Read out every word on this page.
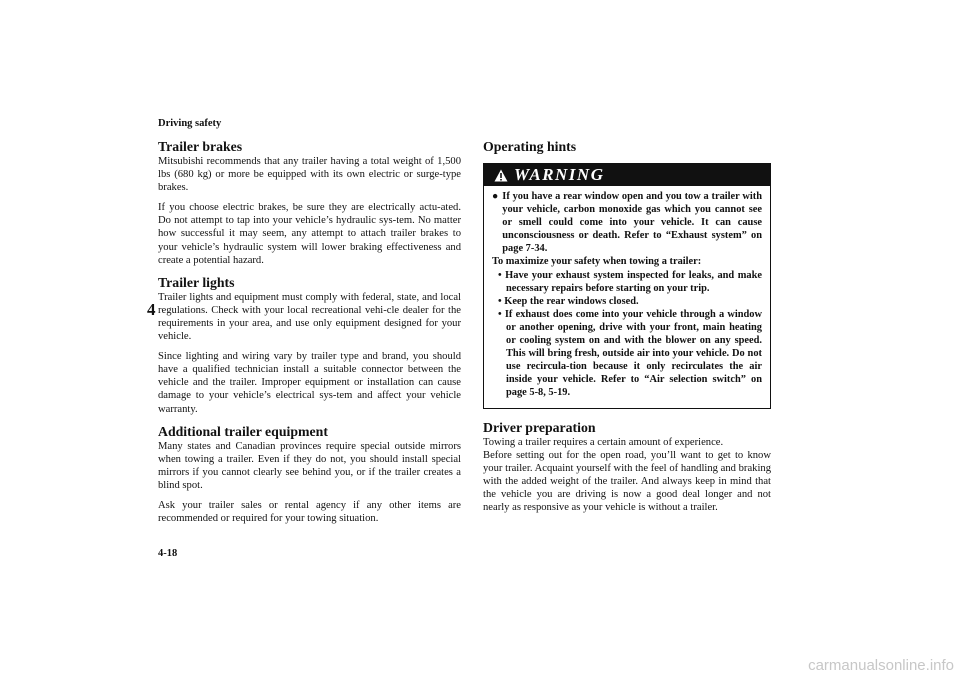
Driving safety
4
Trailer brakes

Mitsubishi recommends that any trailer having a total weight of 1,500 lbs (680 kg) or more be equipped with its own electric or surge-type brakes.

If you choose electric brakes, be sure they are electrically actu-ated. Do not attempt to tap into your vehicle’s hydraulic sys-tem. No matter how successful it may seem, any attempt to attach trailer brakes to your vehicle’s hydraulic system will lower braking effectiveness and create a potential hazard.

Trailer lights

Trailer lights and equipment must comply with federal, state, and local regulations. Check with your local recreational vehi-cle dealer for the requirements in your area, and use only equipment designed for your vehicle.

Since lighting and wiring vary by trailer type and brand, you should have a qualified technician install a suitable connector between the vehicle and the trailer. Improper equipment or installation can cause damage to your vehicle’s electrical sys-tem and affect your vehicle warranty.

Additional trailer equipment

Many states and Canadian provinces require special outside mirrors when towing a trailer. Even if they do not, you should install special mirrors if you cannot clearly see behind you, or if the trailer creates a blind spot.

Ask your trailer sales or rental agency if any other items are recommended or required for your towing situation.

Operating hints
WARNING
● If you have a rear window open and you tow a trailer with your vehicle, carbon monoxide gas which you cannot see or smell could come into your vehicle. It can cause unconsciousness or death. Refer to “Exhaust system” on page 7-34.
To maximize your safety when towing a trailer:
• Have your exhaust system inspected for leaks, and make necessary repairs before starting on your trip.
• Keep the rear windows closed.
• If exhaust does come into your vehicle through a window or another opening, drive with your front, main heating or cooling system on and with the blower on any speed. This will bring fresh, outside air into your vehicle. Do not use recircula-tion because it only recirculates the air inside your vehicle. Refer to “Air selection switch” on page 5-8, 5-19.
Driver preparation

Towing a trailer requires a certain amount of experience.

Before setting out for the open road, you’ll want to get to know your trailer. Acquaint yourself with the feel of handling and braking with the added weight of the trailer. And always keep in mind that the vehicle you are driving is now a good deal longer and not nearly as responsive as your vehicle is without a trailer.

4-18
carmanualsonline.info
